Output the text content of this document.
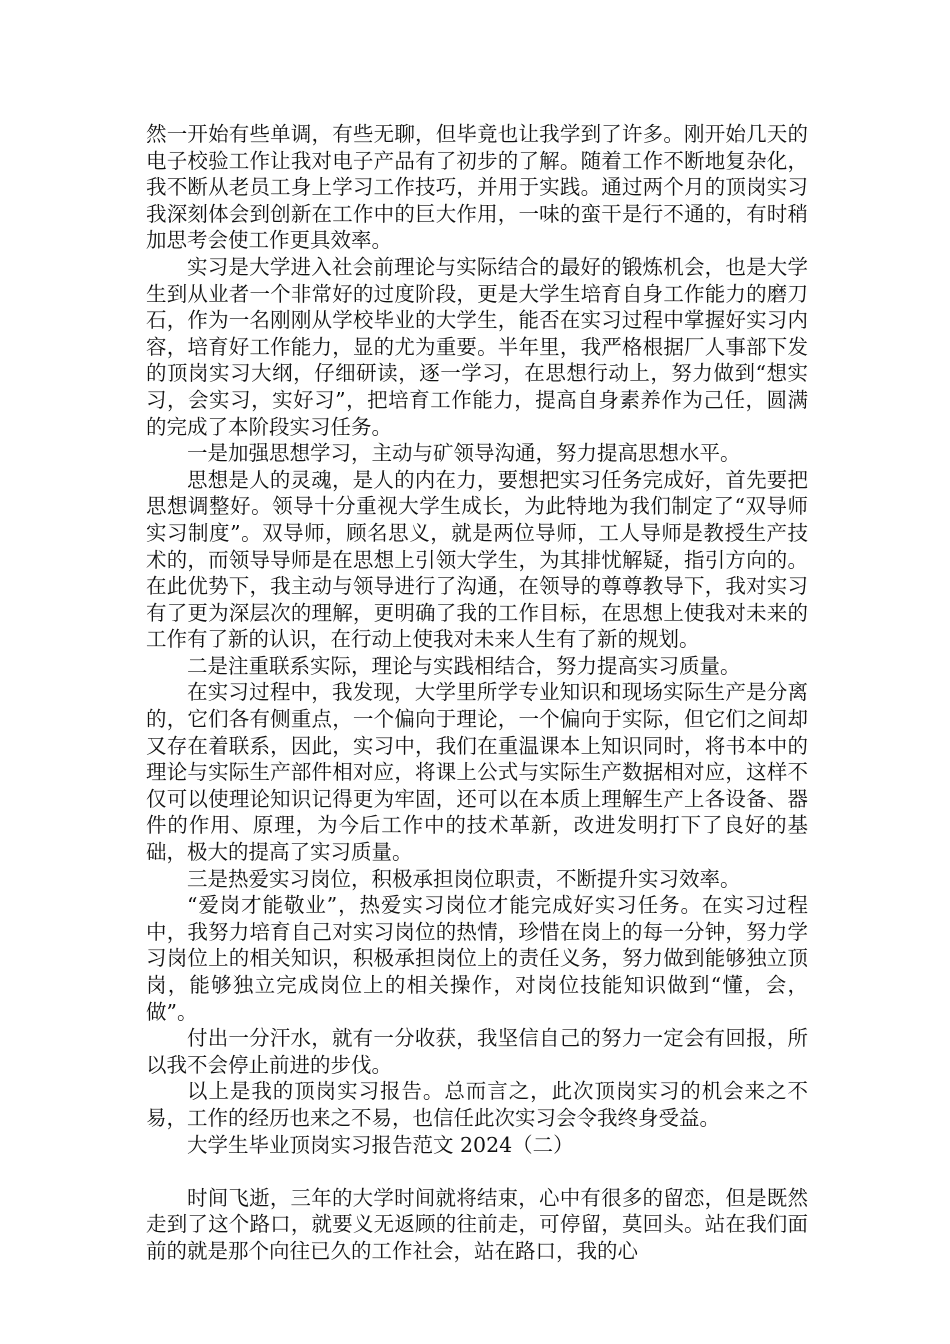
然一开始有些单调，有些无聊，但毕竟也让我学到了许多。刚开始几天的电子校验工作让我对电子产品有了初步的了解。随着工作不断地复杂化，我不断从老员工身上学习工作技巧，并用于实践。通过两个月的顶岗实习我深刻体会到创新在工作中的巨大作用，一味的蛮干是行不通的，有时稍加思考会使工作更具效率。

实习是大学进入社会前理论与实际结合的最好的锻炼机会，也是大学生到从业者一个非常好的过度阶段，更是大学生培育自身工作能力的磨刀石，作为一名刚刚从学校毕业的大学生，能否在实习过程中掌握好实习内容，培育好工作能力，显的尤为重要。半年里，我严格根据厂人事部下发的顶岗实习大纲，仔细研读，逐一学习，在思想行动上，努力做到“想实习，会实习，实好习”，把培育工作能力，提高自身素养作为己任，圆满的完成了本阶段实习任务。

一是加强思想学习，主动与矿领导沟通，努力提高思想水平。

思想是人的灵魂，是人的内在力，要想把实习任务完成好，首先要把思想调整好。领导十分重视大学生成长，为此特地为我们制定了“双导师实习制度”。双导师，顾名思义，就是两位导师，工人导师是教授生产技术的，而领导导师是在思想上引领大学生，为其排忧解疑，指引方向的。在此优势下，我主动与领导进行了沟通，在领导的尊尊教导下，我对实习有了更为深层次的理解，更明确了我的工作目标，在思想上使我对未来的工作有了新的认识，在行动上使我对未来人生有了新的规划。

二是注重联系实际，理论与实践相结合，努力提高实习质量。

在实习过程中，我发现，大学里所学专业知识和现场实际生产是分离的，它们各有侧重点，一个偏向于理论，一个偏向于实际，但它们之间却又存在着联系，因此，实习中，我们在重温课本上知识同时，将书本中的理论与实际生产部件相对应，将课上公式与实际生产数据相对应，这样不仅可以使理论知识记得更为牢固，还可以在本质上理解生产上各设备、器件的作用、原理，为今后工作中的技术革新，改进发明打下了良好的基础，极大的提高了实习质量。

三是热爱实习岗位，积极承担岗位职责，不断提升实习效率。

“爱岗才能敬业”，热爱实习岗位才能完成好实习任务。在实习过程中，我努力培育自己对实习岗位的热情，珍惜在岗上的每一分钟，努力学习岗位上的相关知识，积极承担岗位上的责任义务，努力做到能够独立顶岗，能够独立完成岗位上的相关操作，对岗位技能知识做到“懂，会，做”。

付出一分汗水，就有一分收获，我坚信自己的努力一定会有回报，所以我不会停止前进的步伐。

以上是我的顶岗实习报告。总而言之，此次顶岗实习的机会来之不易，工作的经历也来之不易，也信任此次实习会令我终身受益。

大学生毕业顶岗实习报告范文 2024（二）

时间飞逝，三年的大学时间就将结束，心中有很多的留恋，但是既然走到了这个路口，就要义无返顾的往前走，可停留，莫回头。站在我们面前的就是那个向往已久的工作社会，站在路口，我的心
